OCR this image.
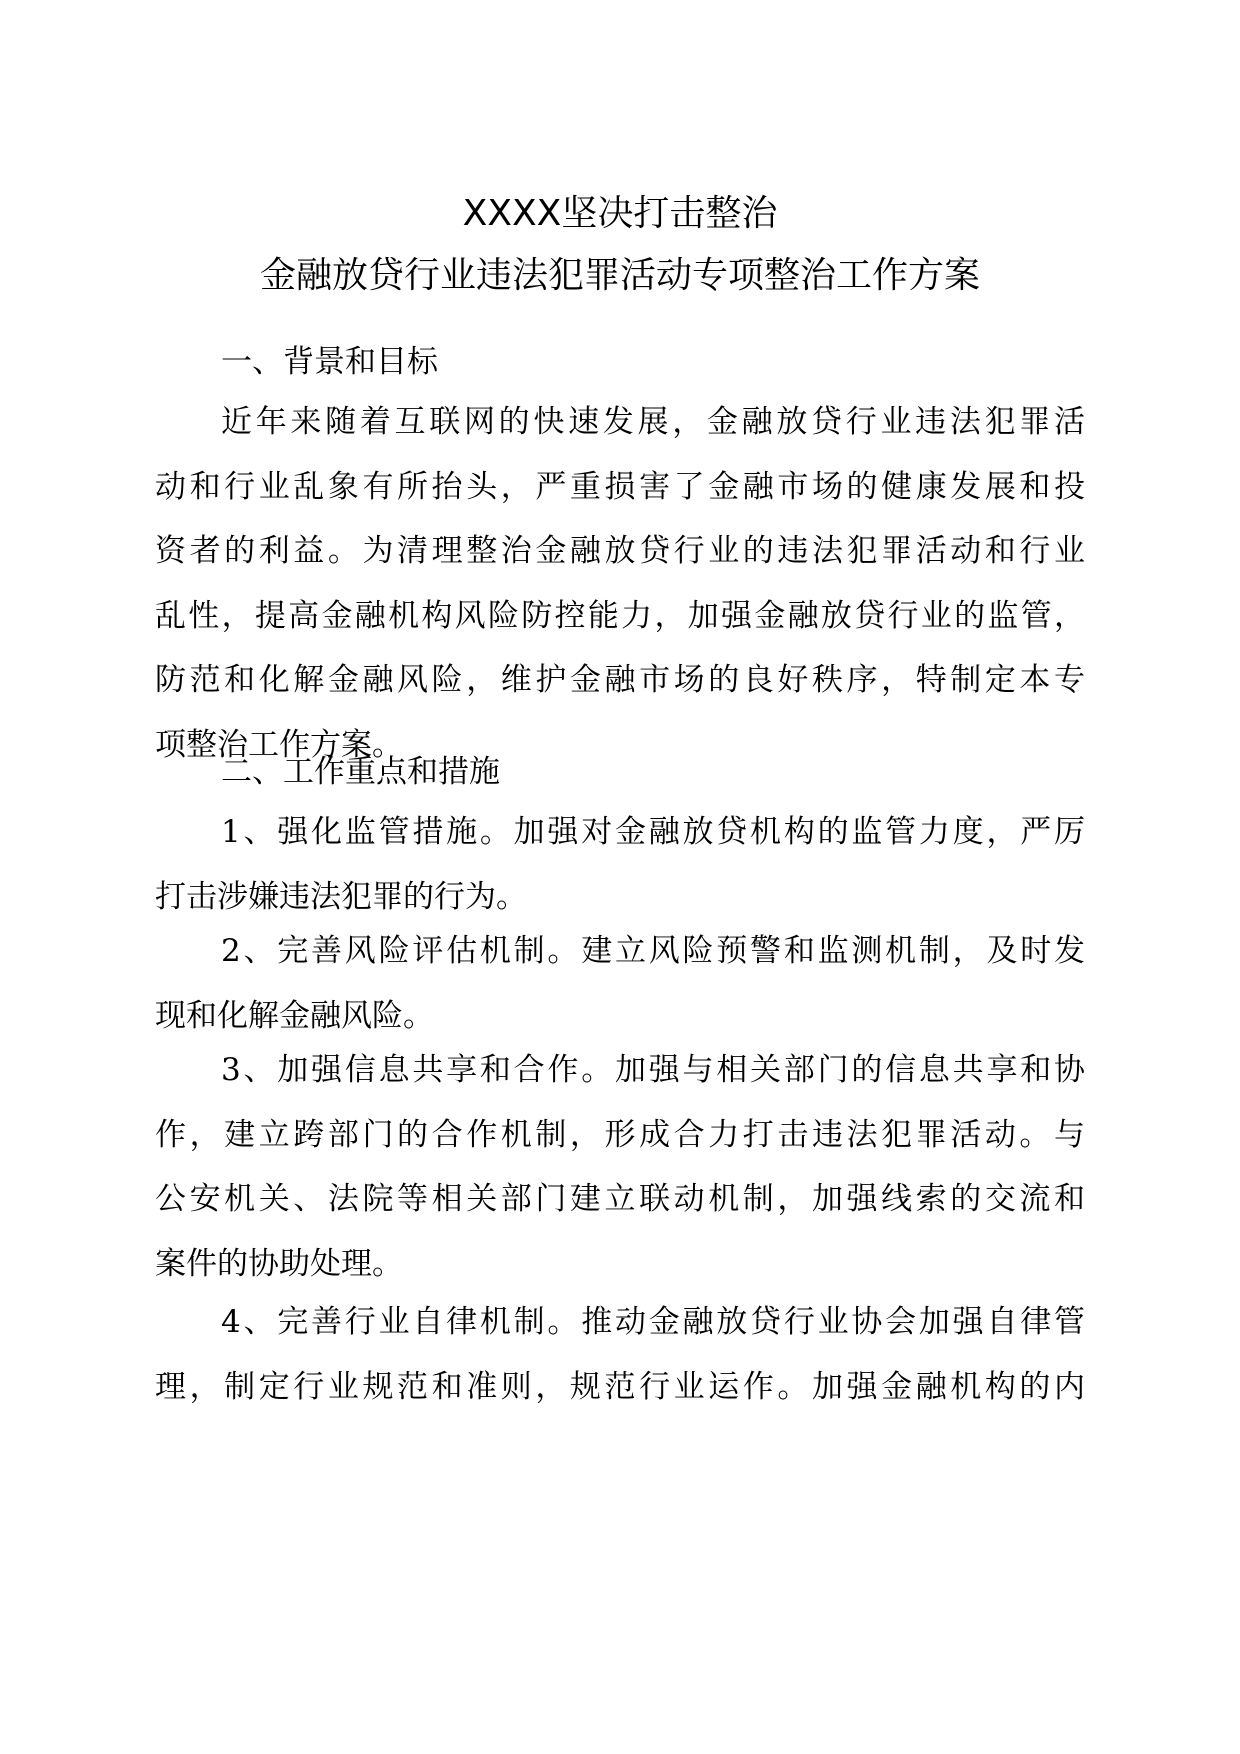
XXXX坚决打击整治
金融放贷行业违法犯罪活动专项整治工作方案
一、背景和目标
近年来随着互联网的快速发展，金融放贷行业违法犯罪活
动和行业乱象有所抬头，严重损害了金融市场的健康发展和投
资者的利益。为清理整治金融放贷行业的违法犯罪活动和行业
乱性，提高金融机构风险防控能力，加强金融放贷行业的监管，
防范和化解金融风险，维护金融市场的良好秩序，特制定本专
项整治工作方案。
二、工作重点和措施
1、强化监管措施。加强对金融放贷机构的监管力度，严厉
打击涉嫌违法犯罪的行为。
2、完善风险评估机制。建立风险预警和监测机制，及时发
现和化解金融风险。
3、加强信息共享和合作。加强与相关部门的信息共享和协
作，建立跨部门的合作机制，形成合力打击违法犯罪活动。与
公安机关、法院等相关部门建立联动机制，加强线索的交流和
案件的协助处理。
4、完善行业自律机制。推动金融放贷行业协会加强自律管
理，制定行业规范和准则，规范行业运作。加强金融机构的内
